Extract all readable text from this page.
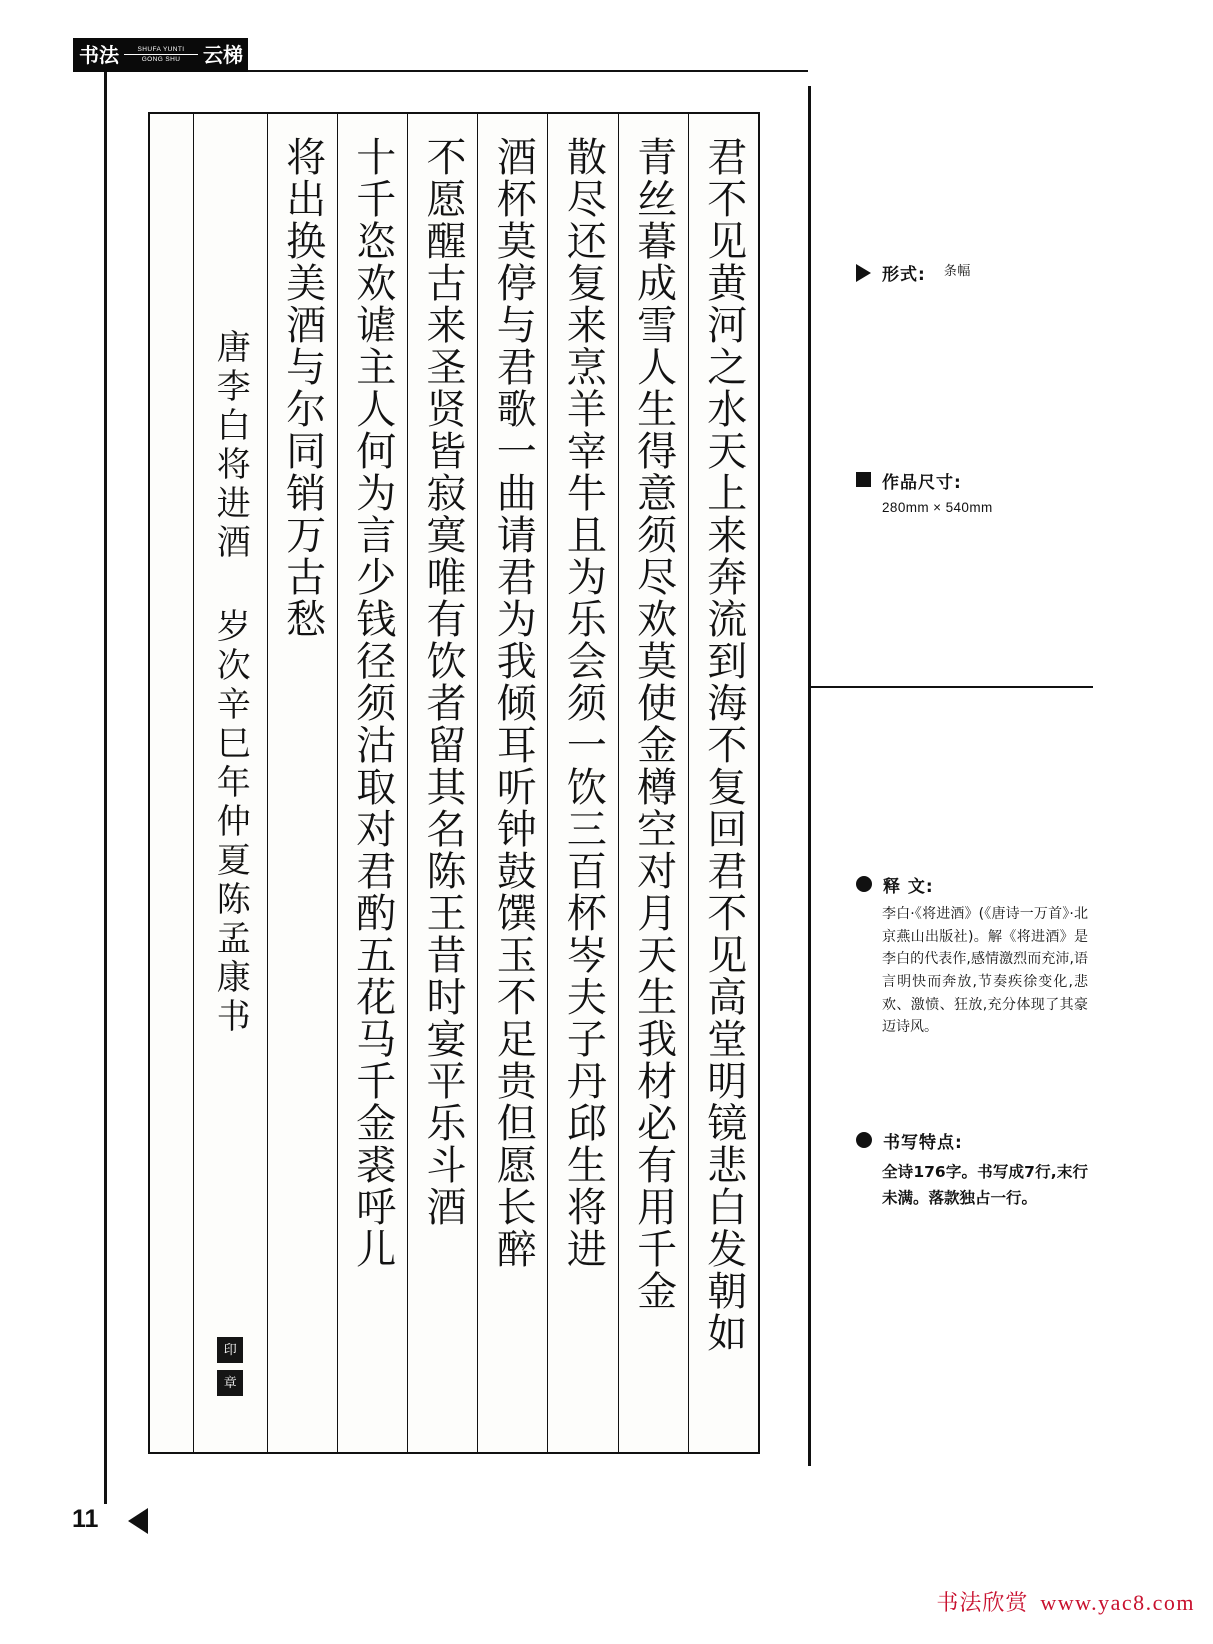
书法	SHUFA YUNTI
GONG SHU	云梯
君不见黄河之水天上来奔流到海不复回君不见高堂明镜悲白发朝如
青丝暮成雪人生得意须尽欢莫使金樽空对月天生我材必有用千金
散尽还复来烹羊宰牛且为乐会须一饮三百杯岑夫子丹邱生将进
酒杯莫停与君歌一曲请君为我倾耳听钟鼓馔玉不足贵但愿长醉
不愿醒古来圣贤皆寂寞唯有饮者留其名陈王昔时宴平乐斗酒
十千恣欢谑主人何为言少钱径须沽取对君酌五花马千金裘呼儿
将出换美酒与尔同销万古愁
唐李白将进酒 岁次辛巳年仲夏陈孟康书
印
章
形式: 条幅
作品尺寸:
280mm × 540mm
释 文:
李白·《将进酒》(《唐诗一万首》·北京燕山出版社)。解《将进酒》是李白的代表作,感情激烈而充沛,语言明快而奔放,节奏疾徐变化,悲欢、激愤、狂放,充分体现了其豪迈诗风。
书写特点:
全诗176字。书写成7行,末行未满。落款独占一行。
11
书法欣赏 www.yac8.com
